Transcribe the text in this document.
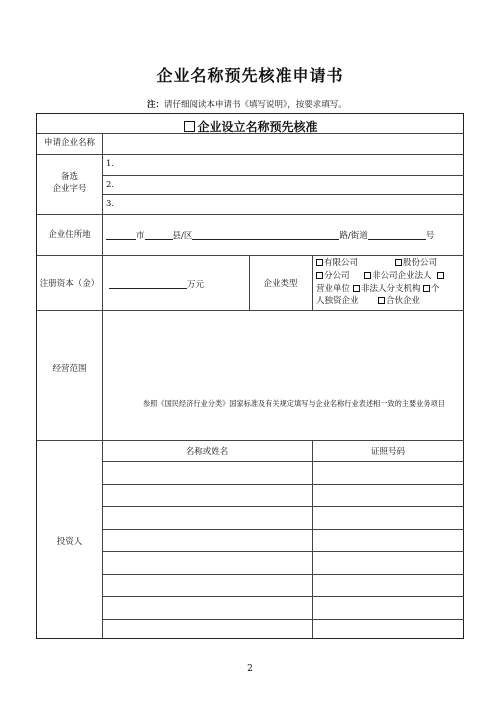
企业名称预先核准申请书
注：请仔细阅读本申请书《填写说明》，按要求填写。
企业设立名称预先核准
申请企业名称
备选
企业字号
1.
2.
3.
企业住所地	市	县/区	路/街道	号
注册资本（金）	万元	企业类型
有限公司	股份公司
分公司	非公司企业法人
营业单位	非法人分支机构	个
人独资企业	合伙企业
经营范围
参照《国民经济行业分类》国家标准及有关规定填写与企业名称行业表述相一致的主要业务项目
投资人
名称或姓名	证照号码
2
